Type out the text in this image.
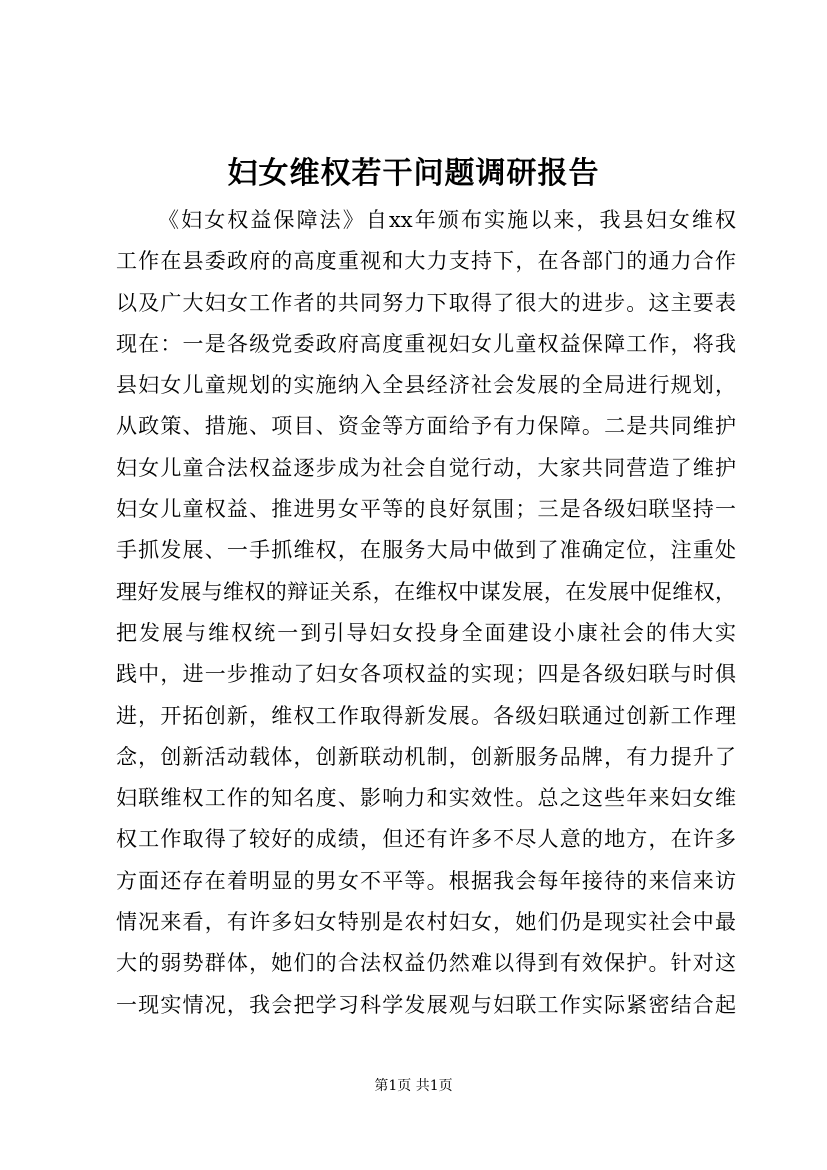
妇女维权若干问题调研报告
《妇女权益保障法》自xx年颁布实施以来，我县妇女维权
工作在县委政府的高度重视和大力支持下，在各部门的通力合作
以及广大妇女工作者的共同努力下取得了很大的进步。这主要表
现在：一是各级党委政府高度重视妇女儿童权益保障工作，将我
县妇女儿童规划的实施纳入全县经济社会发展的全局进行规划，
从政策、措施、项目、资金等方面给予有力保障。二是共同维护
妇女儿童合法权益逐步成为社会自觉行动，大家共同营造了维护
妇女儿童权益、推进男女平等的良好氛围；三是各级妇联坚持一
手抓发展、一手抓维权，在服务大局中做到了准确定位，注重处
理好发展与维权的辩证关系，在维权中谋发展，在发展中促维权，
把发展与维权统一到引导妇女投身全面建设小康社会的伟大实
践中，进一步推动了妇女各项权益的实现；四是各级妇联与时俱
进，开拓创新，维权工作取得新发展。各级妇联通过创新工作理
念，创新活动载体，创新联动机制，创新服务品牌，有力提升了
妇联维权工作的知名度、影响力和实效性。总之这些年来妇女维
权工作取得了较好的成绩，但还有许多不尽人意的地方，在许多
方面还存在着明显的男女不平等。根据我会每年接待的来信来访
情况来看，有许多妇女特别是农村妇女，她们仍是现实社会中最
大的弱势群体，她们的合法权益仍然难以得到有效保护。针对这
一现实情况，我会把学习科学发展观与妇联工作实际紧密结合起
第1页 共1页
